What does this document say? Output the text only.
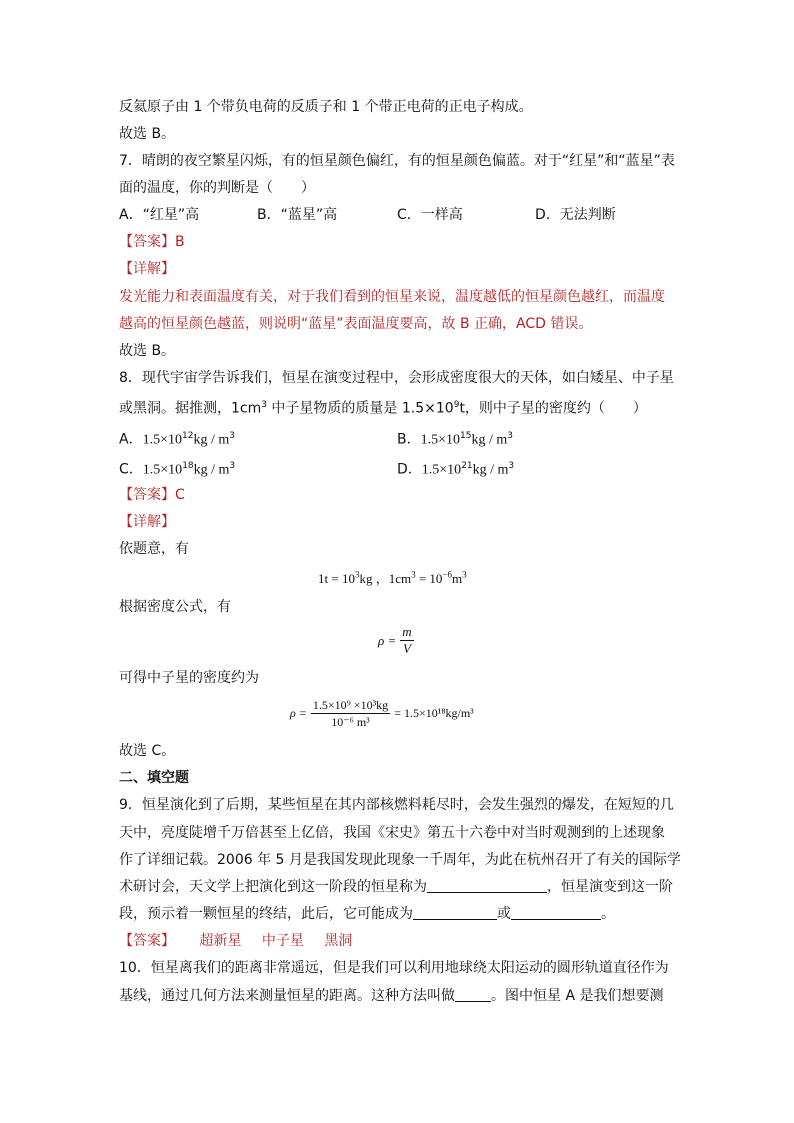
反氦原子由 1 个带负电荷的反质子和 1 个带正电荷的正电子构成。
故选 B。
7．晴朗的夜空繁星闪烁，有的恒星颜色偏红，有的恒星颜色偏蓝。对于“红星”和“蓝星”表
面的温度，你的判断是（　　）
A．“红星”高	B．“蓝星”高	C．一样高	D．无法判断
【答案】B
【详解】
发光能力和表面温度有关，对于我们看到的恒星来说，温度越低的恒星颜色越红，而温度
越高的恒星颜色越蓝，则说明“蓝星”表面温度要高，故 B 正确，ACD 错误。
故选 B。
8．现代宇宙学告诉我们，恒星在演变过程中，会形成密度很大的天体，如白矮星、中子星
或黑洞。据推测，$1cm^3$ 中子星物质的质量是 $1.5\times 10^9t$，则中子星的密度约（　　）
A．$1.5\times 10^{12}kg / m^3$	B．$1.5\times 10^{15}kg / m^3$
C．$1.5\times 10^{18}kg / m^3$	D．$1.5\times 10^{21}kg / m^3$
【答案】C
【详解】
依题意，有
$1t = 10^3kg$ ，$1cm^3 = 10^{-6}m^3$
根据密度公式，有
$\rho = \frac{m}{V}$
可得中子星的密度约为
$\rho = \frac{\text{1.5×10⁹ ×10³kg}}{\text{10⁻⁶ m³}} = 1.5\times 10^{18}kg/m^3$
故选 C。
二、填空题
9．恒星演化到了后期，某些恒星在其内部核燃料耗尽时，会发生强烈的爆发，在短短的几
天中，亮度陡增千万倍甚至上亿倍，我国《宋史》第五十六卷中对当时观测到的上述现象
作了详细记载。2006 年 5 月是我国发现此现象一千周年，为此在杭州召开了有关的国际学
术研讨会，天文学上把演化到这一阶段的恒星称为	，恒星演变到这一阶
段，预示着一颗恒星的终结，此后，它可能成为	或	。
【答案】 超新星 中子星 黑洞
10．恒星离我们的距离非常遥远，但是我们可以利用地球绕太阳运动的圆形轨道直径作为
基线，通过几何方法来测量恒星的距离。这种方法叫做	。图中恒星 A 是我们想要测
